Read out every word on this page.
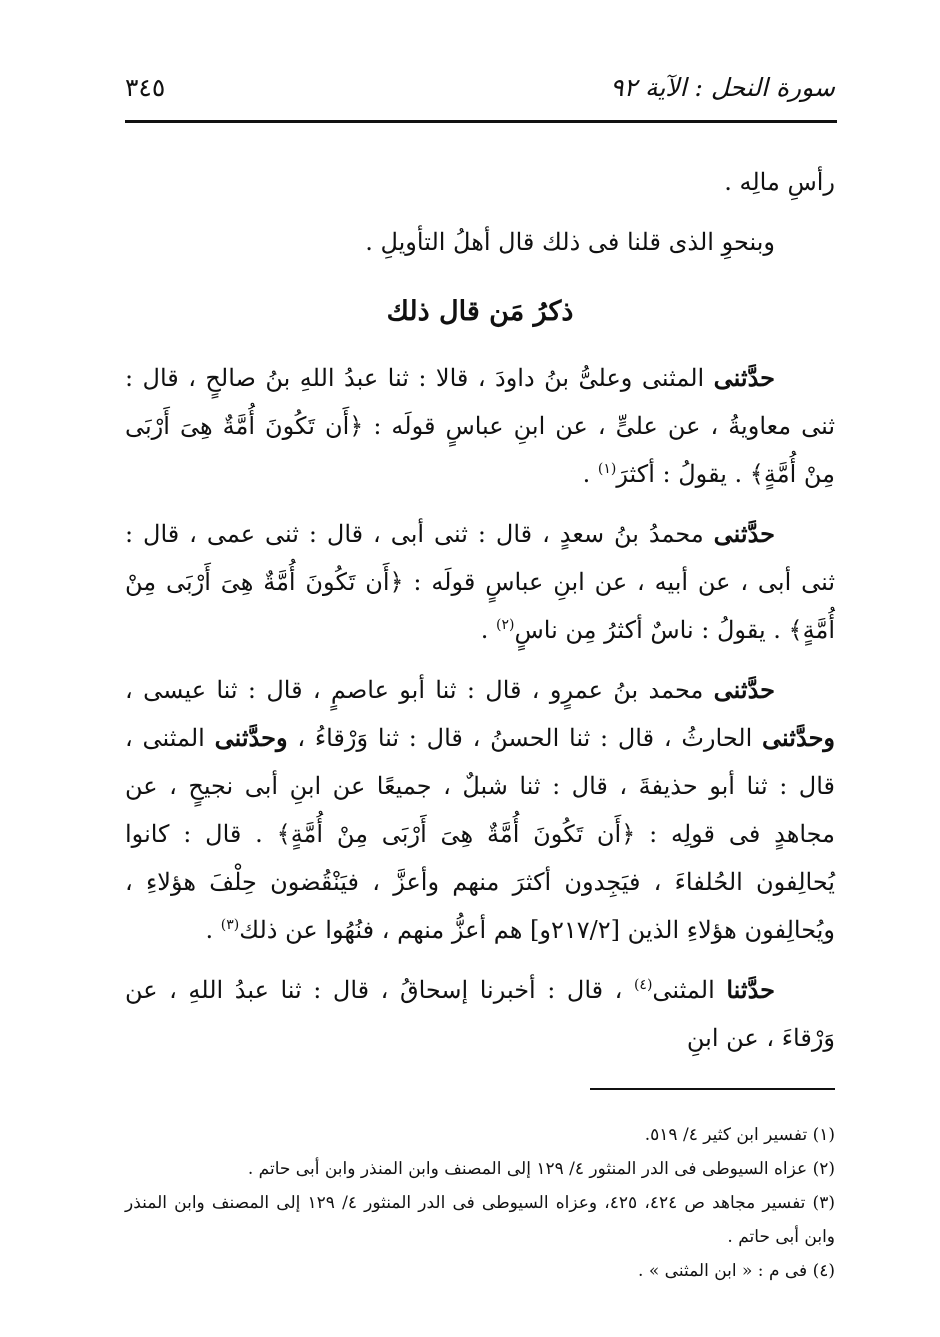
سورة النحل : الآية ٩٢
٣٤٥

رأسِ مالِه .

وبنحوِ الذى قلنا فى ذلك قال أهلُ التأويلِ .

ذكرُ مَن قال ذلك

حدَّثنى المثنى وعلىُّ بنُ داودَ ، قالا : ثنا عبدُ اللهِ بنُ صالحٍ ، قال : ثنى معاويةُ ، عن علىٍّ ، عن ابنِ عباسٍ قولَه : ﴿أَن تَكُونَ أُمَّةٌ هِىَ أَرْبَى مِنْ أُمَّةٍ﴾ . يقولُ : أكثرَ$^{(١)}$ .

حدَّثنى محمدُ بنُ سعدٍ ، قال : ثنى أبى ، قال : ثنى عمى ، قال : ثنى أبى ، عن أبيه ، عن ابنِ عباسٍ قولَه : ﴿أَن تَكُونَ أُمَّةٌ هِىَ أَرْبَى مِنْ أُمَّةٍ﴾ . يقولُ : ناسٌ أكثرُ مِن ناسٍ$^{(٢)}$ .

حدَّثنى محمد بنُ عمرٍو ، قال : ثنا أبو عاصمٍ ، قال : ثنا عيسى ، وحدَّثنى الحارثُ ، قال : ثنا الحسنُ ، قال : ثنا وَرْقاءُ ، وحدَّثنى المثنى ، قال : ثنا أبو حذيفةَ ، قال : ثنا شبلٌ ، جميعًا عن ابنِ أبى نجيحٍ ، عن مجاهدٍ فى قولِه : ﴿أَن تَكُونَ أُمَّةٌ هِىَ أَرْبَى مِنْ أُمَّةٍ﴾ . قال : كانوا يُحالِفون الحُلفاءَ ، فيَجِدون أكثرَ منهم وأعزَّ ، فيَنْقُضون حِلْفَ هؤلاءِ ، ويُحالِفون هؤلاءِ الذين [٢١٧/٢و] هم أعزُّ منهم ، فنُهُوا عن ذلك$^{(٣)}$ .

حدَّثنا المثنى$^{(٤)}$ ، قال : أخبرنا إسحاقُ ، قال : ثنا عبدُ اللهِ ، عن وَرْقاءَ ، عن ابنِ

(١) تفسير ابن كثير ٤/ ٥١٩.

(٢) عزاه السيوطى فى الدر المنثور ٤/ ١٢٩ إلى المصنف وابن المنذر وابن أبى حاتم .

(٣) تفسير مجاهد ص ٤٢٤، ٤٢٥، وعزاه السيوطى فى الدر المنثور ٤/ ١٢٩ إلى المصنف وابن المنذر وابن أبى حاتم .

(٤) فى م : « ابن المثنى » .
